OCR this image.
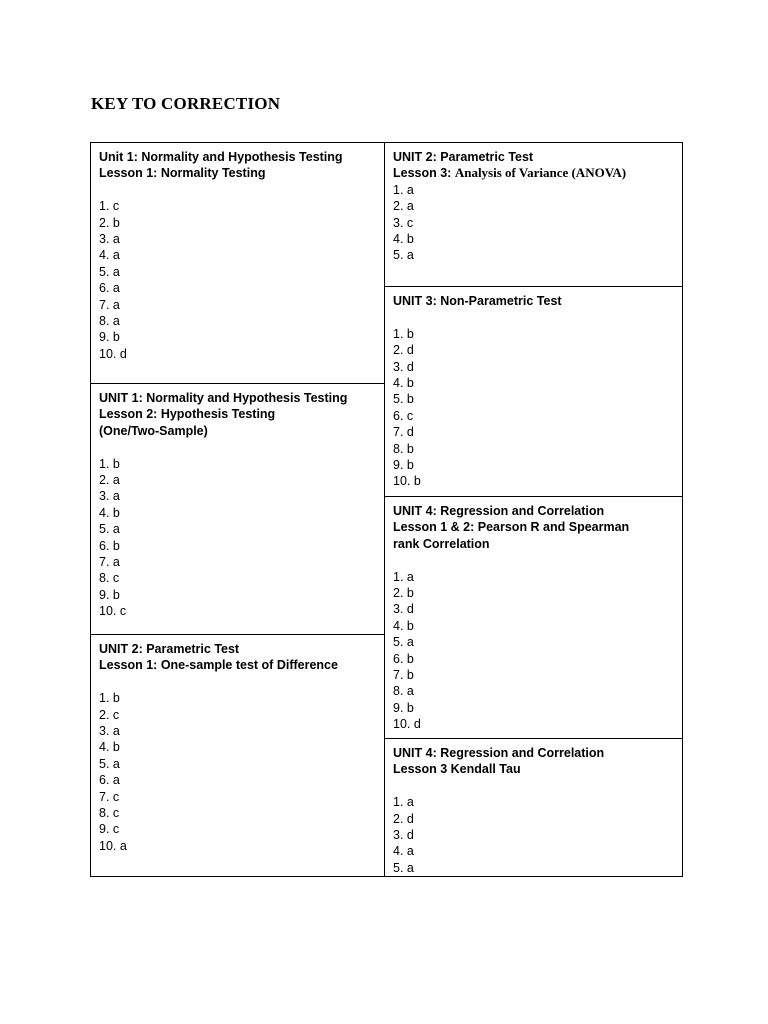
KEY TO CORRECTION
Unit 1: Normality and Hypothesis Testing
Lesson 1: Normality Testing
1. c
2. b
3. a
4. a
5. a
6. a
7. a
8. a
9. b
10. d
UNIT 1: Normality and Hypothesis Testing
Lesson 2: Hypothesis Testing
(One/Two-Sample)
1. b
2. a
3. a
4. b
5. a
6. b
7. a
8. c
9. b
10. c
UNIT 2: Parametric Test
Lesson 1: One-sample test of Difference
1. b
2. c
3. a
4. b
5. a
6. a
7. c
8. c
9. c
10. a
UNIT 2: Parametric Test
Lesson 3: Analysis of Variance (ANOVA)
1. a
2. a
3. c
4. b
5. a
UNIT 3: Non-Parametric Test
1. b
2. d
3. d
4. b
5. b
6. c
7. d
8. b
9. b
10. b
UNIT 4: Regression and Correlation
Lesson 1 & 2: Pearson R and Spearman
rank Correlation
1. a
2. b
3. d
4. b
5. a
6. b
7. b
8. a
9. b
10. d
UNIT 4: Regression and Correlation
Lesson 3 Kendall Tau
1. a
2. d
3. d
4. a
5. a
